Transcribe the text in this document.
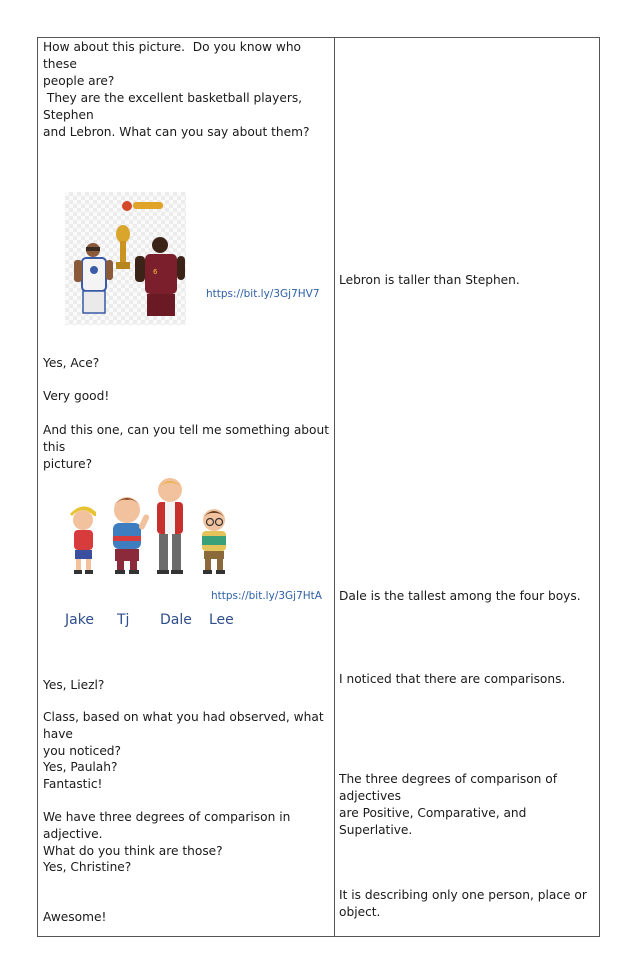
How about this picture.  Do you know who these
people are?
They are the excellent basketball players, Stephen
and Lebron. What can you say about them?
6
https://bit.ly/3Gj7HV7
Yes, Ace?
Very good!
And this one, can you tell me something about this
picture?
https://bit.ly/3Gj7HtA
Jake Tj Dale Lee
Yes, Liezl?
Class, based on what you had observed, what have
you noticed?
Yes, Paulah?
Fantastic!
We have three degrees of comparison in adjective.
What do you think are those?
Yes, Christine?
Awesome!
Lebron is taller than Stephen.
Dale is the tallest among the four boys.
I noticed that there are comparisons.
The three degrees of comparison of adjectives
are Positive, Comparative, and Superlative.
It is describing only one person, place or
object.
